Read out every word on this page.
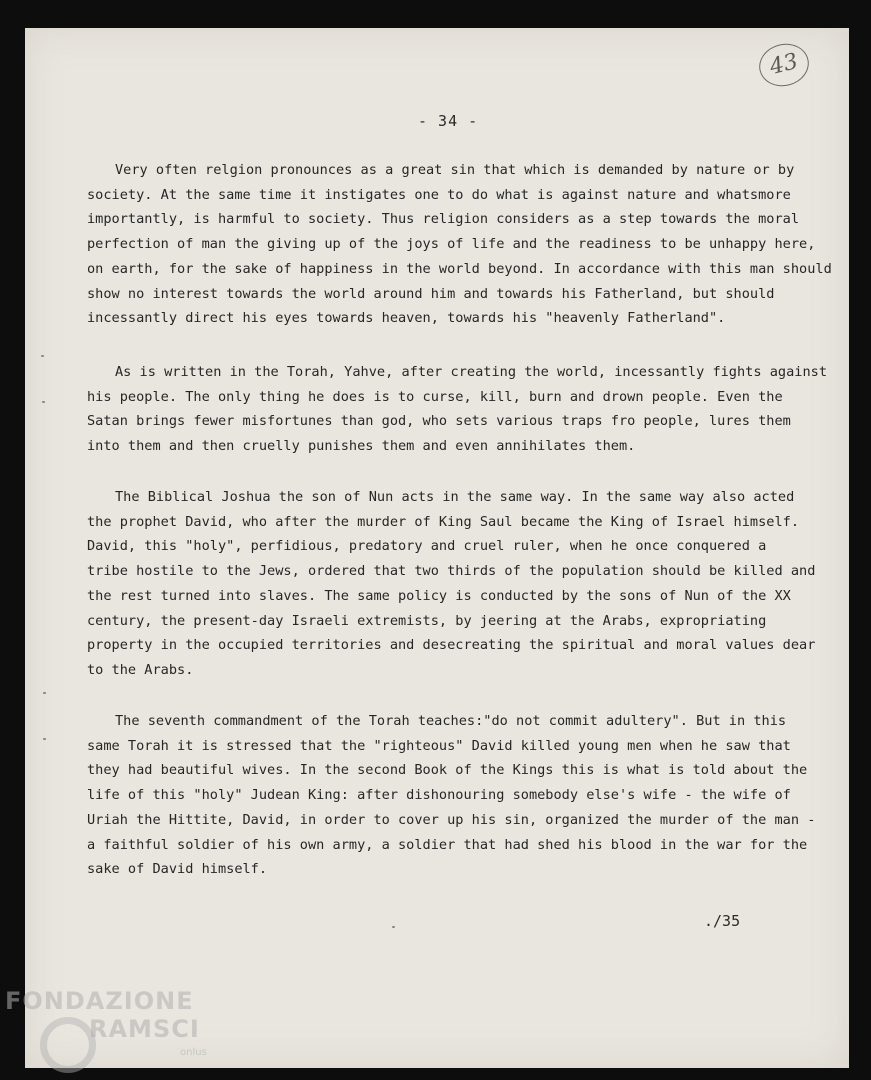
43
- 34 -
Very often relgion pronounces as a great sin that which is demanded by nature or by
society. At the same time it instigates one to do what is against nature and whatsmore
importantly, is harmful to society. Thus religion considers as a step towards the moral
perfection of man the giving up of the joys of life and the readiness to be unhappy here,
on earth, for the sake of happiness in the world beyond. In accordance with this man should
show no interest towards the world around him and towards his Fatherland, but should
incessantly direct his eyes towards heaven, towards his "heavenly Fatherland".
As is written in the Torah, Yahve, after creating the world, incessantly fights against
his people. The only thing he does is to curse, kill, burn and drown people. Even the
Satan brings fewer misfortunes than god, who sets various traps fro people, lures them
into them and then cruelly punishes them and even annihilates them.
The Biblical Joshua the son of Nun acts in the same way. In the same way also acted
the prophet David, who after the murder of King Saul became the King of Israel himself.
David, this "holy", perfidious, predatory and cruel ruler, when he once conquered a
tribe hostile to the Jews, ordered that two thirds of the population should be killed and
the rest turned into slaves. The same policy is conducted by the sons of Nun of the XX
century, the present-day Israeli extremists, by jeering at the Arabs, expropriating
property in the occupied territories and desecreating the spiritual and moral values dear
to the Arabs.
The seventh commandment of the Torah teaches:"do not commit adultery". But in this
same Torah it is stressed that the "righteous" David killed young men when he saw that
they had beautiful wives. In the second Book of the Kings this is what is told about the
life of this "holy" Judean King: after dishonouring somebody else's wife - the wife of
Uriah the Hittite, David, in order to cover up his sin, organized the murder of the man -
a faithful soldier of his own army, a soldier that had shed his blood in the war for the
sake of David himself.
./35
FONDAZIONE
RAMSCI
onlus
